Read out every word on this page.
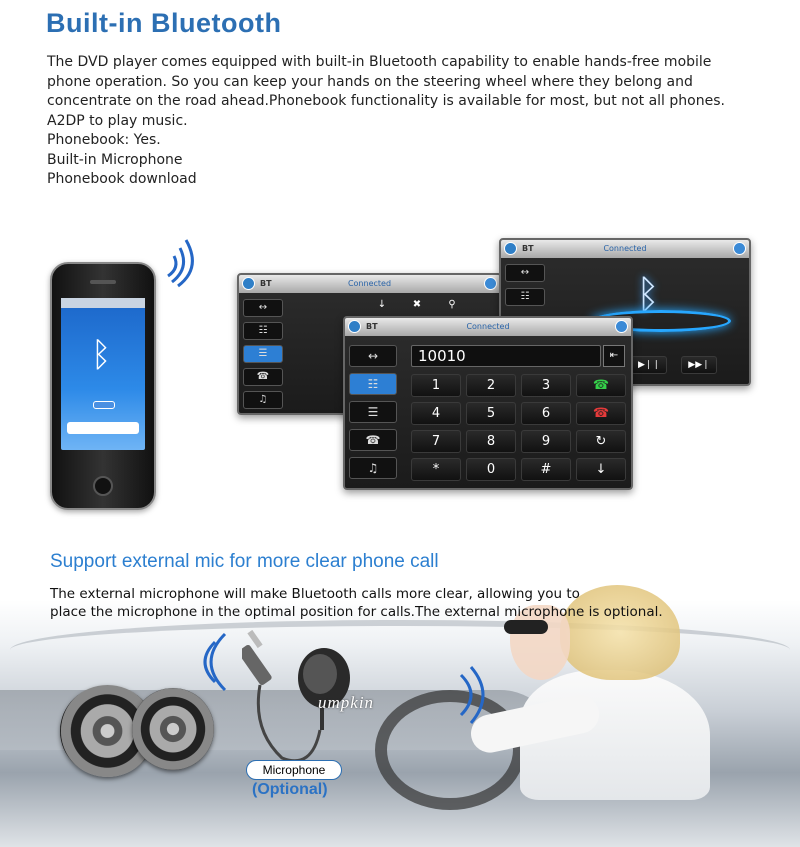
Built-in Bluetooth
The DVD player comes equipped with built-in Bluetooth capability to enable hands-free mobile
phone operation. So you can keep your hands on the steering wheel where they belong and
concentrate on the road ahead.Phonebook functionality is available for most, but not all phones.
A2DP to play music.
Phonebook: Yes.
Built-in Microphone
Phonebook download
ᛒ
BT	Connected
↔
☷
☰
☎
♫
↓	✖	⚲
BT	Connected
↔
☷	ᛒ
▶❘❘	▶▶❘
BT	Connected
↔
☷
☰
☎
♫
10010	⇤
1	2	3	☎
4	5	6	☎
7	8	9	↻
*	0	#	↓
Support external mic for more clear phone call
The external microphone will make Bluetooth calls more clear, allowing you to
place the microphone in the optimal position for calls.The external microphone is optional.
umpkin
Microphone
(Optional)
